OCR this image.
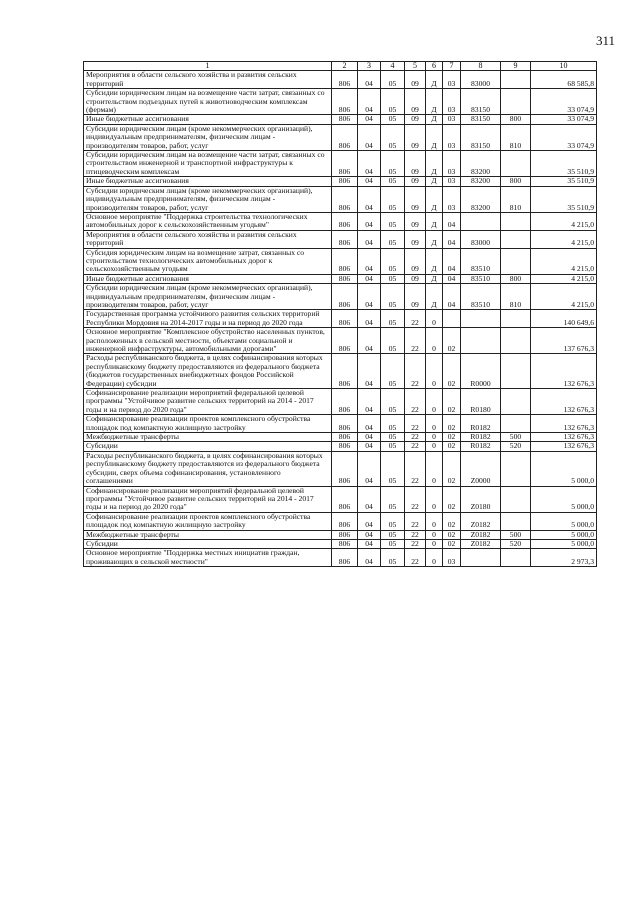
311
1	2	3	4	5	6	7	8	9	10
Мероприятия в области сельского хозяйства и развития сельских территорий	806	04	05	09	Д	03	83000		68 585,8
Субсидии юридическим лицам на возмещение части затрат, связанных со строительством подъездных путей к животноводческим комплексам (фермам)	806	04	05	09	Д	03	83150		33 074,9
Иные бюджетные ассигнования	806	04	05	09	Д	03	83150	800	33 074,9
Субсидии юридическим лицам (кроме некоммерческих организаций), индивидуальным предпринимателям, физическим лицам - производителям товаров, работ, услуг	806	04	05	09	Д	03	83150	810	33 074,9
Субсидии юридическим лицам на возмещение части затрат, связанных со строительством инженерной и транспортной инфраструктуры к птицеводческим комплексам	806	04	05	09	Д	03	83200		35 510,9
Иные бюджетные ассигнования	806	04	05	09	Д	03	83200	800	35 510,9
Субсидии юридическим лицам (кроме некоммерческих организаций), индивидуальным предпринимателям, физическим лицам - производителям товаров, работ, услуг	806	04	05	09	Д	03	83200	810	35 510,9
Основное мероприятие "Поддержка строительства технологических автомобильных дорог к сельскохозяйственным угодьям"	806	04	05	09	Д	04			4 215,0
Мероприятия в области сельского хозяйства и развития сельских территорий	806	04	05	09	Д	04	83000		4 215,0
Субсидия юридическим лицам на возмещение затрат, связанных со строительством технологических автомобильных дорог к сельскохозяйственным угодьям	806	04	05	09	Д	04	83510		4 215,0
Иные бюджетные ассигнования	806	04	05	09	Д	04	83510	800	4 215,0
Субсидии юридическим лицам (кроме некоммерческих организаций), индивидуальным предпринимателям, физическим лицам - производителям товаров, работ, услуг	806	04	05	09	Д	04	83510	810	4 215,0
Государственная программа устойчивого развития сельских территорий Республики Мордовия на 2014-2017 годы и на период до 2020 года	806	04	05	22	0				140 649,6
Основное мероприятие "Комплексное обустройство населенных пунктов, расположенных в сельской местности, объектами социальной и инженерной инфраструктуры, автомобильными дорогами"	806	04	05	22	0	02			137 676,3
Расходы республиканского бюджета, в целях софинансирования которых республиканскому бюджету предоставляются из федерального бюджета (бюджетов государственных внебюджетных фондов Российской Федерации) субсидии	806	04	05	22	0	02	R0000		132 676,3
Софинансирование реализации мероприятий федеральной целевой программы "Устойчивое развитие сельских территорий на 2014 - 2017 годы и на период до 2020 года"	806	04	05	22	0	02	R0180		132 676,3
Софинансирование реализации проектов комплексного обустройства площадок под компактную жилищную застройку	806	04	05	22	0	02	R0182		132 676,3
Межбюджетные трансферты	806	04	05	22	0	02	R0182	500	132 676,3
Субсидии	806	04	05	22	0	02	R0182	520	132 676,3
Расходы республиканского бюджета, в целях софинансирования которых республиканскому бюджету предоставляются из федерального бюджета субсидии, сверх объема софинансирования, установленного соглашениями	806	04	05	22	0	02	Z0000		5 000,0
Софинансирование реализации мероприятий федеральной целевой программы "Устойчивое развитие сельских территорий на 2014 - 2017 годы и на период до 2020 года"	806	04	05	22	0	02	Z0180		5 000,0
Софинансирование реализации проектов комплексного обустройства площадок под компактную жилищную застройку	806	04	05	22	0	02	Z0182		5 000,0
Межбюджетные трансферты	806	04	05	22	0	02	Z0182	500	5 000,0
Субсидии	806	04	05	22	0	02	Z0182	520	5 000,0
Основное мероприятие "Поддержка местных инициатив граждан, проживающих в сельской местности"	806	04	05	22	0	03			2 973,3
